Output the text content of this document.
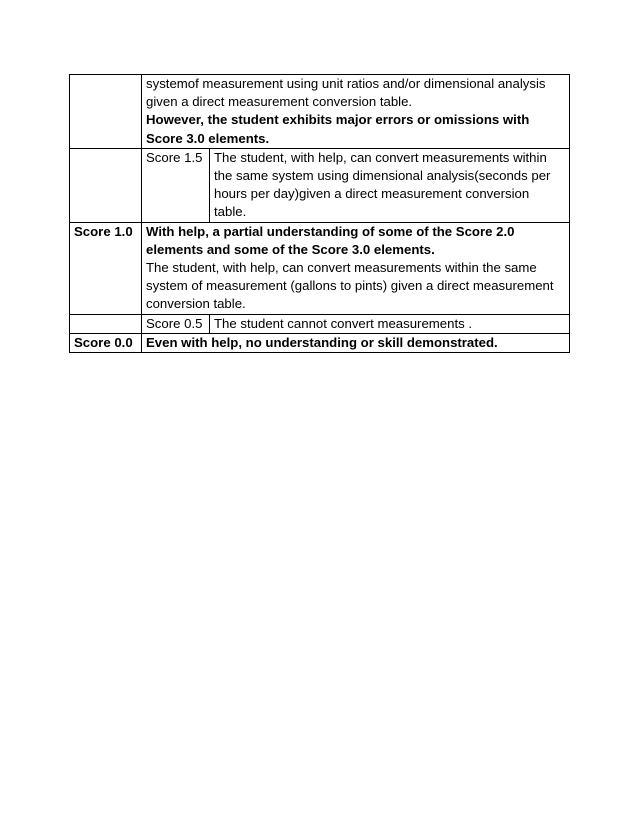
	systemof measurement using unit ratios and/or dimensional analysis given a direct measurement conversion table.
However, the student exhibits major errors or omissions with Score 3.0 elements.	

	Score 1.5	The student, with help, can convert measurements within the same system using dimensional analysis(seconds per hours per day)given a direct measurement conversion table.
Score 1.0	With help, a partial understanding of some of the Score 2.0 elements and some of the Score 3.0 elements.
The student, with help, can convert measurements within the same system of measurement (gallons to pints) given a direct measurement conversion table.	

	Score 0.5	The student cannot convert measurements .
Score 0.0	Even with help, no understanding or skill demonstrated.	
